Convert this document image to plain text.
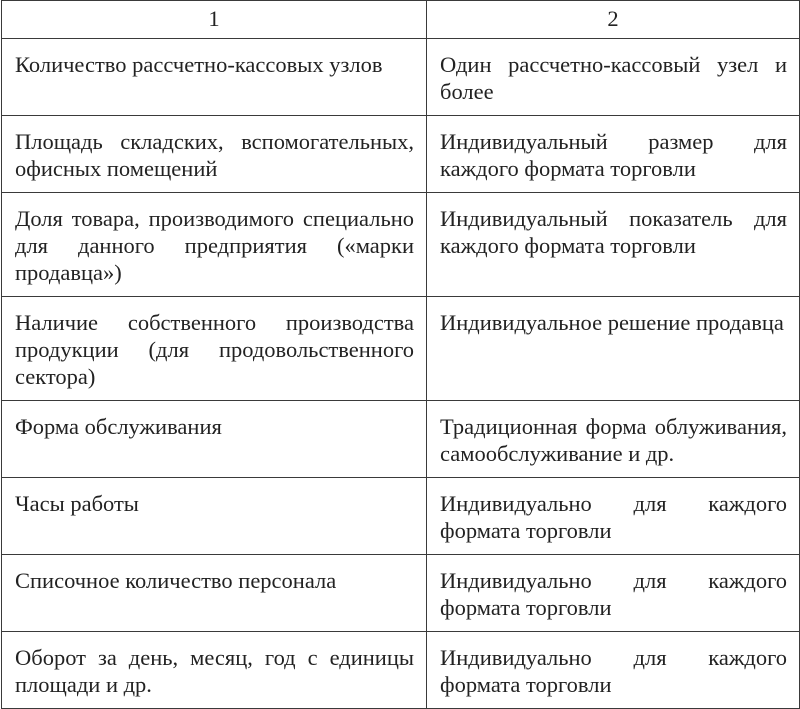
1	2
Количество рассчетно-кассовых узлов	Один рассчетно-кассовый узел и более
Площадь складских, вспомогательных, офисных помещений	Индивидуальный размер для каждого формата торговли
Доля товара, производимого специально для данного предприятия («марки продавца»)	Индивидуальный показатель для каждого формата торговли
Наличие собственного производства продукции (для продовольственного сектора)	Индивидуальное решение продавца
Форма обслуживания	Традиционная форма облуживания, самообслуживание и др.
Часы работы	Индивидуально для каждого формата торговли
Списочное количество персонала	Индивидуально для каждого формата торговли
Оборот за день, месяц, год с единицы площади и др.	Индивидуально для каждого формата торговли
